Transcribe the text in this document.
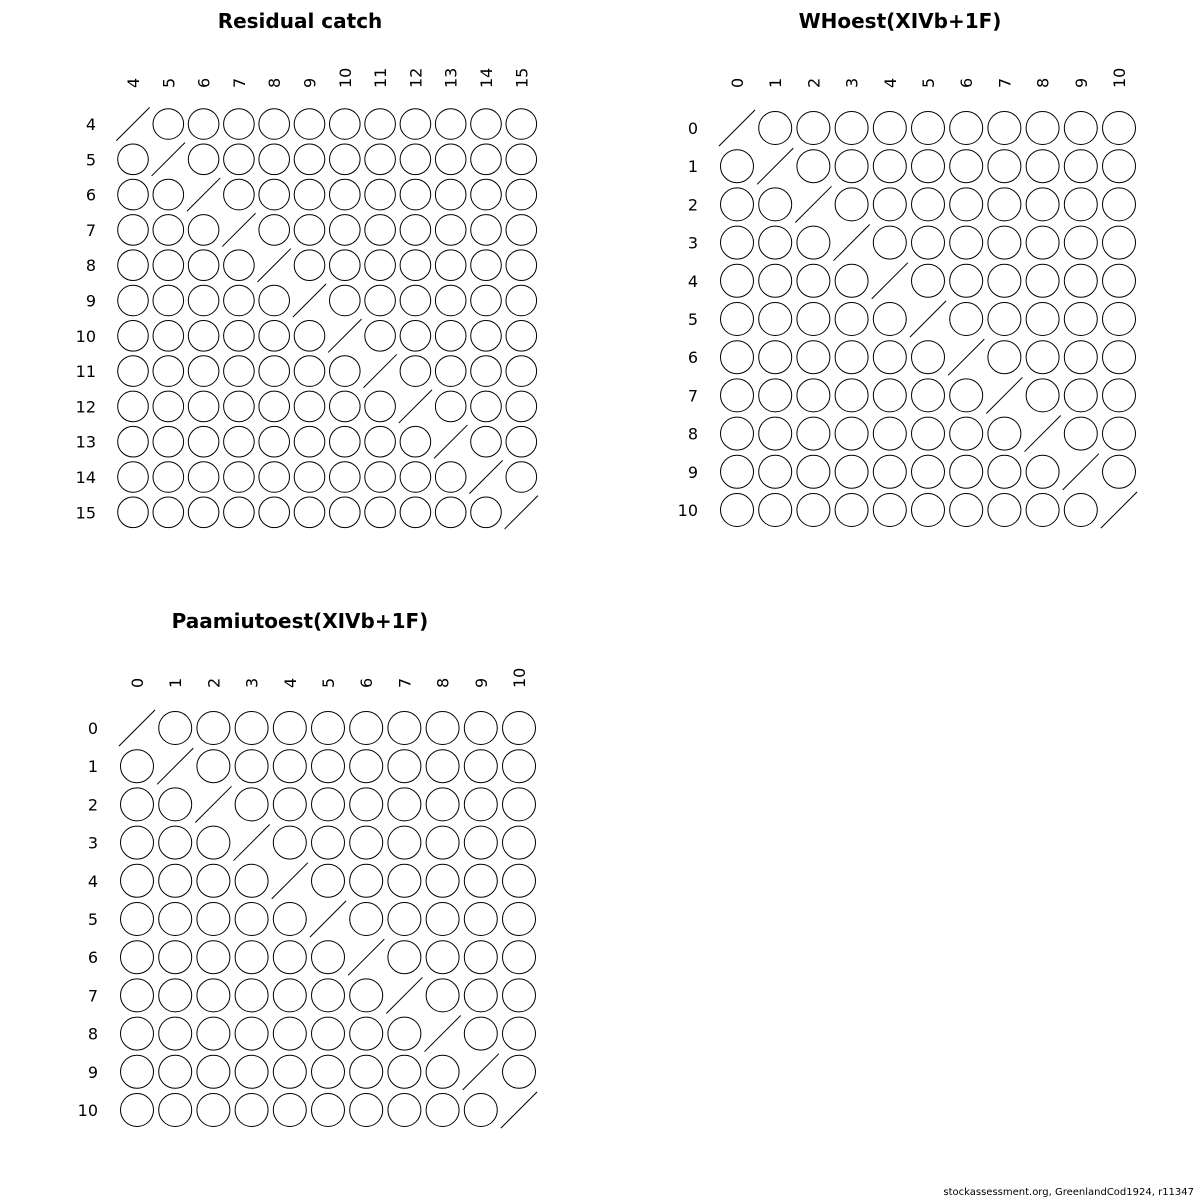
Residual catch
4 5 6 7 8 9 10 11 12 13 14 15
4
5
6
7
8
9
10
11
12
13
14
15
WHoest(XIVb+1F)
0 1 2 3 4 5 6 7 8 9 10
0
1
2
3
4
5
6
7
8
9
10
Paamiutoest(XIVb+1F)
0 1 2 3 4 5 6 7 8 9 10
0
1
2
3
4
5
6
7
8
9
10
stockassessment.org, GreenlandCod1924, r11347
